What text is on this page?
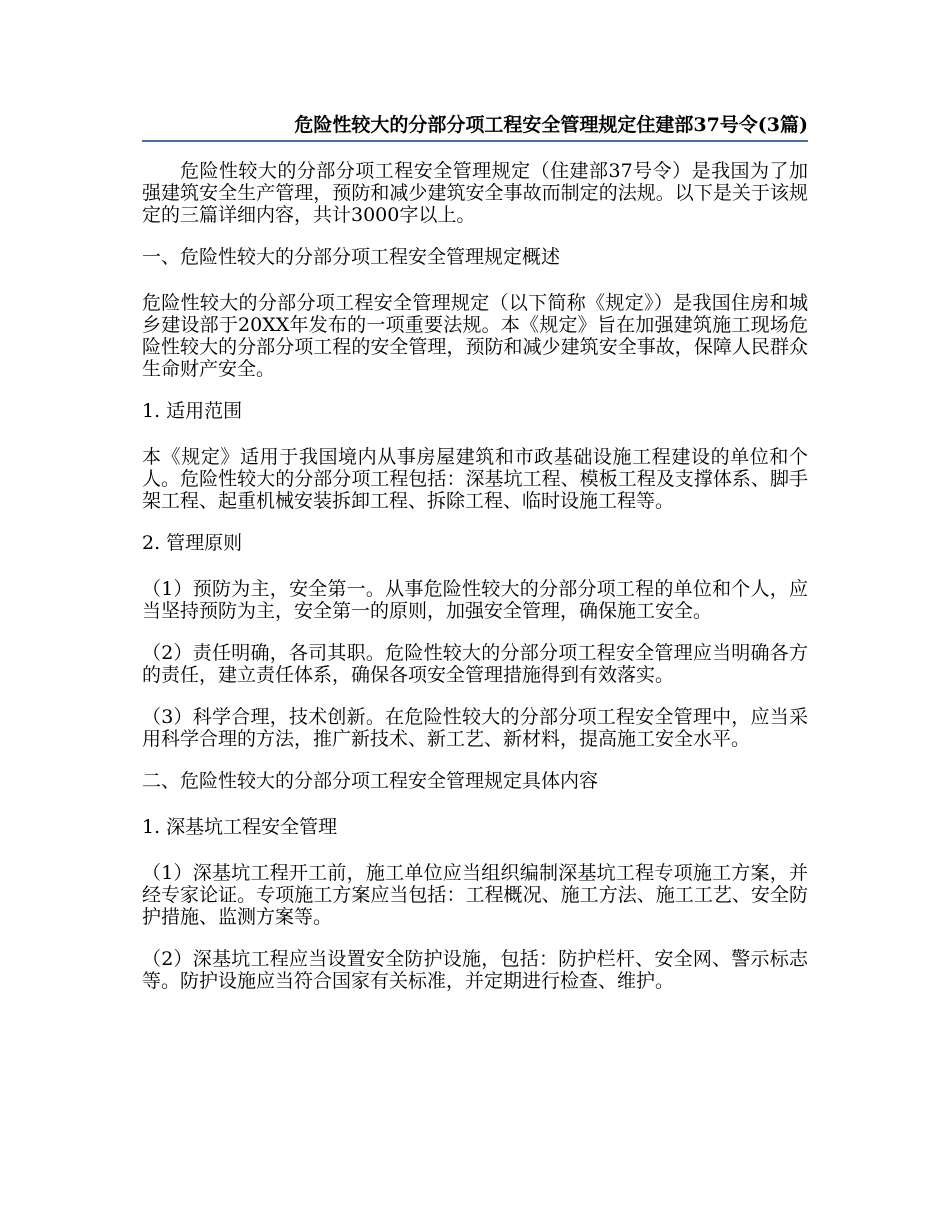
危险性较大的分部分项工程安全管理规定住建部37号令(3篇)

危险性较大的分部分项工程安全管理规定（住建部37号令）是我国为了加强建筑安全生产管理，预防和减少建筑安全事故而制定的法规。以下是关于该规定的三篇详细内容，共计3000字以上。

一、危险性较大的分部分项工程安全管理规定概述

危险性较大的分部分项工程安全管理规定（以下简称《规定》）是我国住房和城乡建设部于20XX年发布的一项重要法规。本《规定》旨在加强建筑施工现场危险性较大的分部分项工程的安全管理，预防和减少建筑安全事故，保障人民群众生命财产安全。

1. 适用范围

本《规定》适用于我国境内从事房屋建筑和市政基础设施工程建设的单位和个人。危险性较大的分部分项工程包括：深基坑工程、模板工程及支撑体系、脚手架工程、起重机械安装拆卸工程、拆除工程、临时设施工程等。

2. 管理原则

（1）预防为主，安全第一。从事危险性较大的分部分项工程的单位和个人，应当坚持预防为主，安全第一的原则，加强安全管理，确保施工安全。

（2）责任明确，各司其职。危险性较大的分部分项工程安全管理应当明确各方的责任，建立责任体系，确保各项安全管理措施得到有效落实。

（3）科学合理，技术创新。在危险性较大的分部分项工程安全管理中，应当采用科学合理的方法，推广新技术、新工艺、新材料，提高施工安全水平。

二、危险性较大的分部分项工程安全管理规定具体内容

1. 深基坑工程安全管理

（1）深基坑工程开工前，施工单位应当组织编制深基坑工程专项施工方案，并经专家论证。专项施工方案应当包括：工程概况、施工方法、施工工艺、安全防护措施、监测方案等。

（2）深基坑工程应当设置安全防护设施，包括：防护栏杆、安全网、警示标志等。防护设施应当符合国家有关标准，并定期进行检查、维护。
